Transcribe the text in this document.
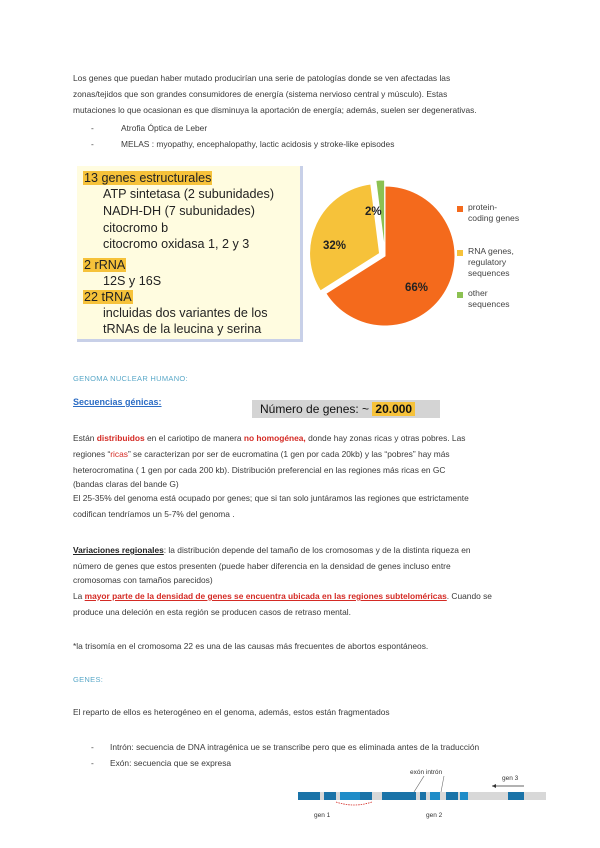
Los genes que puedan haber mutado producirían una serie de patologías donde se ven afectadas las
zonas/tejidos que son grandes consumidores de energía (sistema nervioso central y músculo). Estas
mutaciones lo que ocasionan es que disminuya la aportación de energía; además, suelen ser degenerativas.
-	Atrofia Óptica de Leber
-	MELAS : myopathy, encephalopathy, lactic acidosis y stroke-like episodes
13 genes estructurales
ATP sintetasa (2 subunidades)
NADH-DH (7 subunidades)
citocromo b
citocromo oxidasa 1, 2 y 3
2 rRNA
12S y 16S
22 tRNA
incluidas dos variantes de los
tRNAs de la leucina y serina
66%
32%
2%	protein-
coding genes
RNA genes,
regulatory
sequences
other
sequences
GENOMA NUCLEAR HUMANO:
Secuencias génicas:	Número de genes: ~ 20.000
Están distribuidos en el cariotipo de manera no homogénea, donde hay zonas ricas y otras pobres. Las
regiones “ricas” se caracterizan por ser de eucromatina (1 gen por cada 20kb) y las “pobres” hay más
heterocromatina ( 1 gen por cada 200 kb). Distribución preferencial en las regiones más ricas en GC
(bandas claras del bande G)
El 25-35% del genoma está ocupado por genes; que si tan solo juntáramos las regiones que estrictamente
codifican tendríamos un 5-7% del genoma .
Variaciones regionales: la distribución depende del tamaño de los cromosomas y de la distinta riqueza en
número de genes que estos presenten (puede haber diferencia en la densidad de genes incluso entre
cromosomas con tamaños parecidos)
La mayor parte de la densidad de genes se encuentra ubicada en las regiones subteloméricas. Cuando se
produce una deleción en esta región se producen casos de retraso mental.
*la trisomía en el cromosoma 22 es una de las causas más frecuentes de abortos espontáneos.
GENES:
El reparto de ellos es heterogéneo en el genoma, además, estos están fragmentados
- Intrón: secuencia de DNA intragénica ue se transcribe pero que es eliminada antes de la traducción
- Exón: secuencia que se expresa
exón intrón
gen 3
gen 1	gen 2
